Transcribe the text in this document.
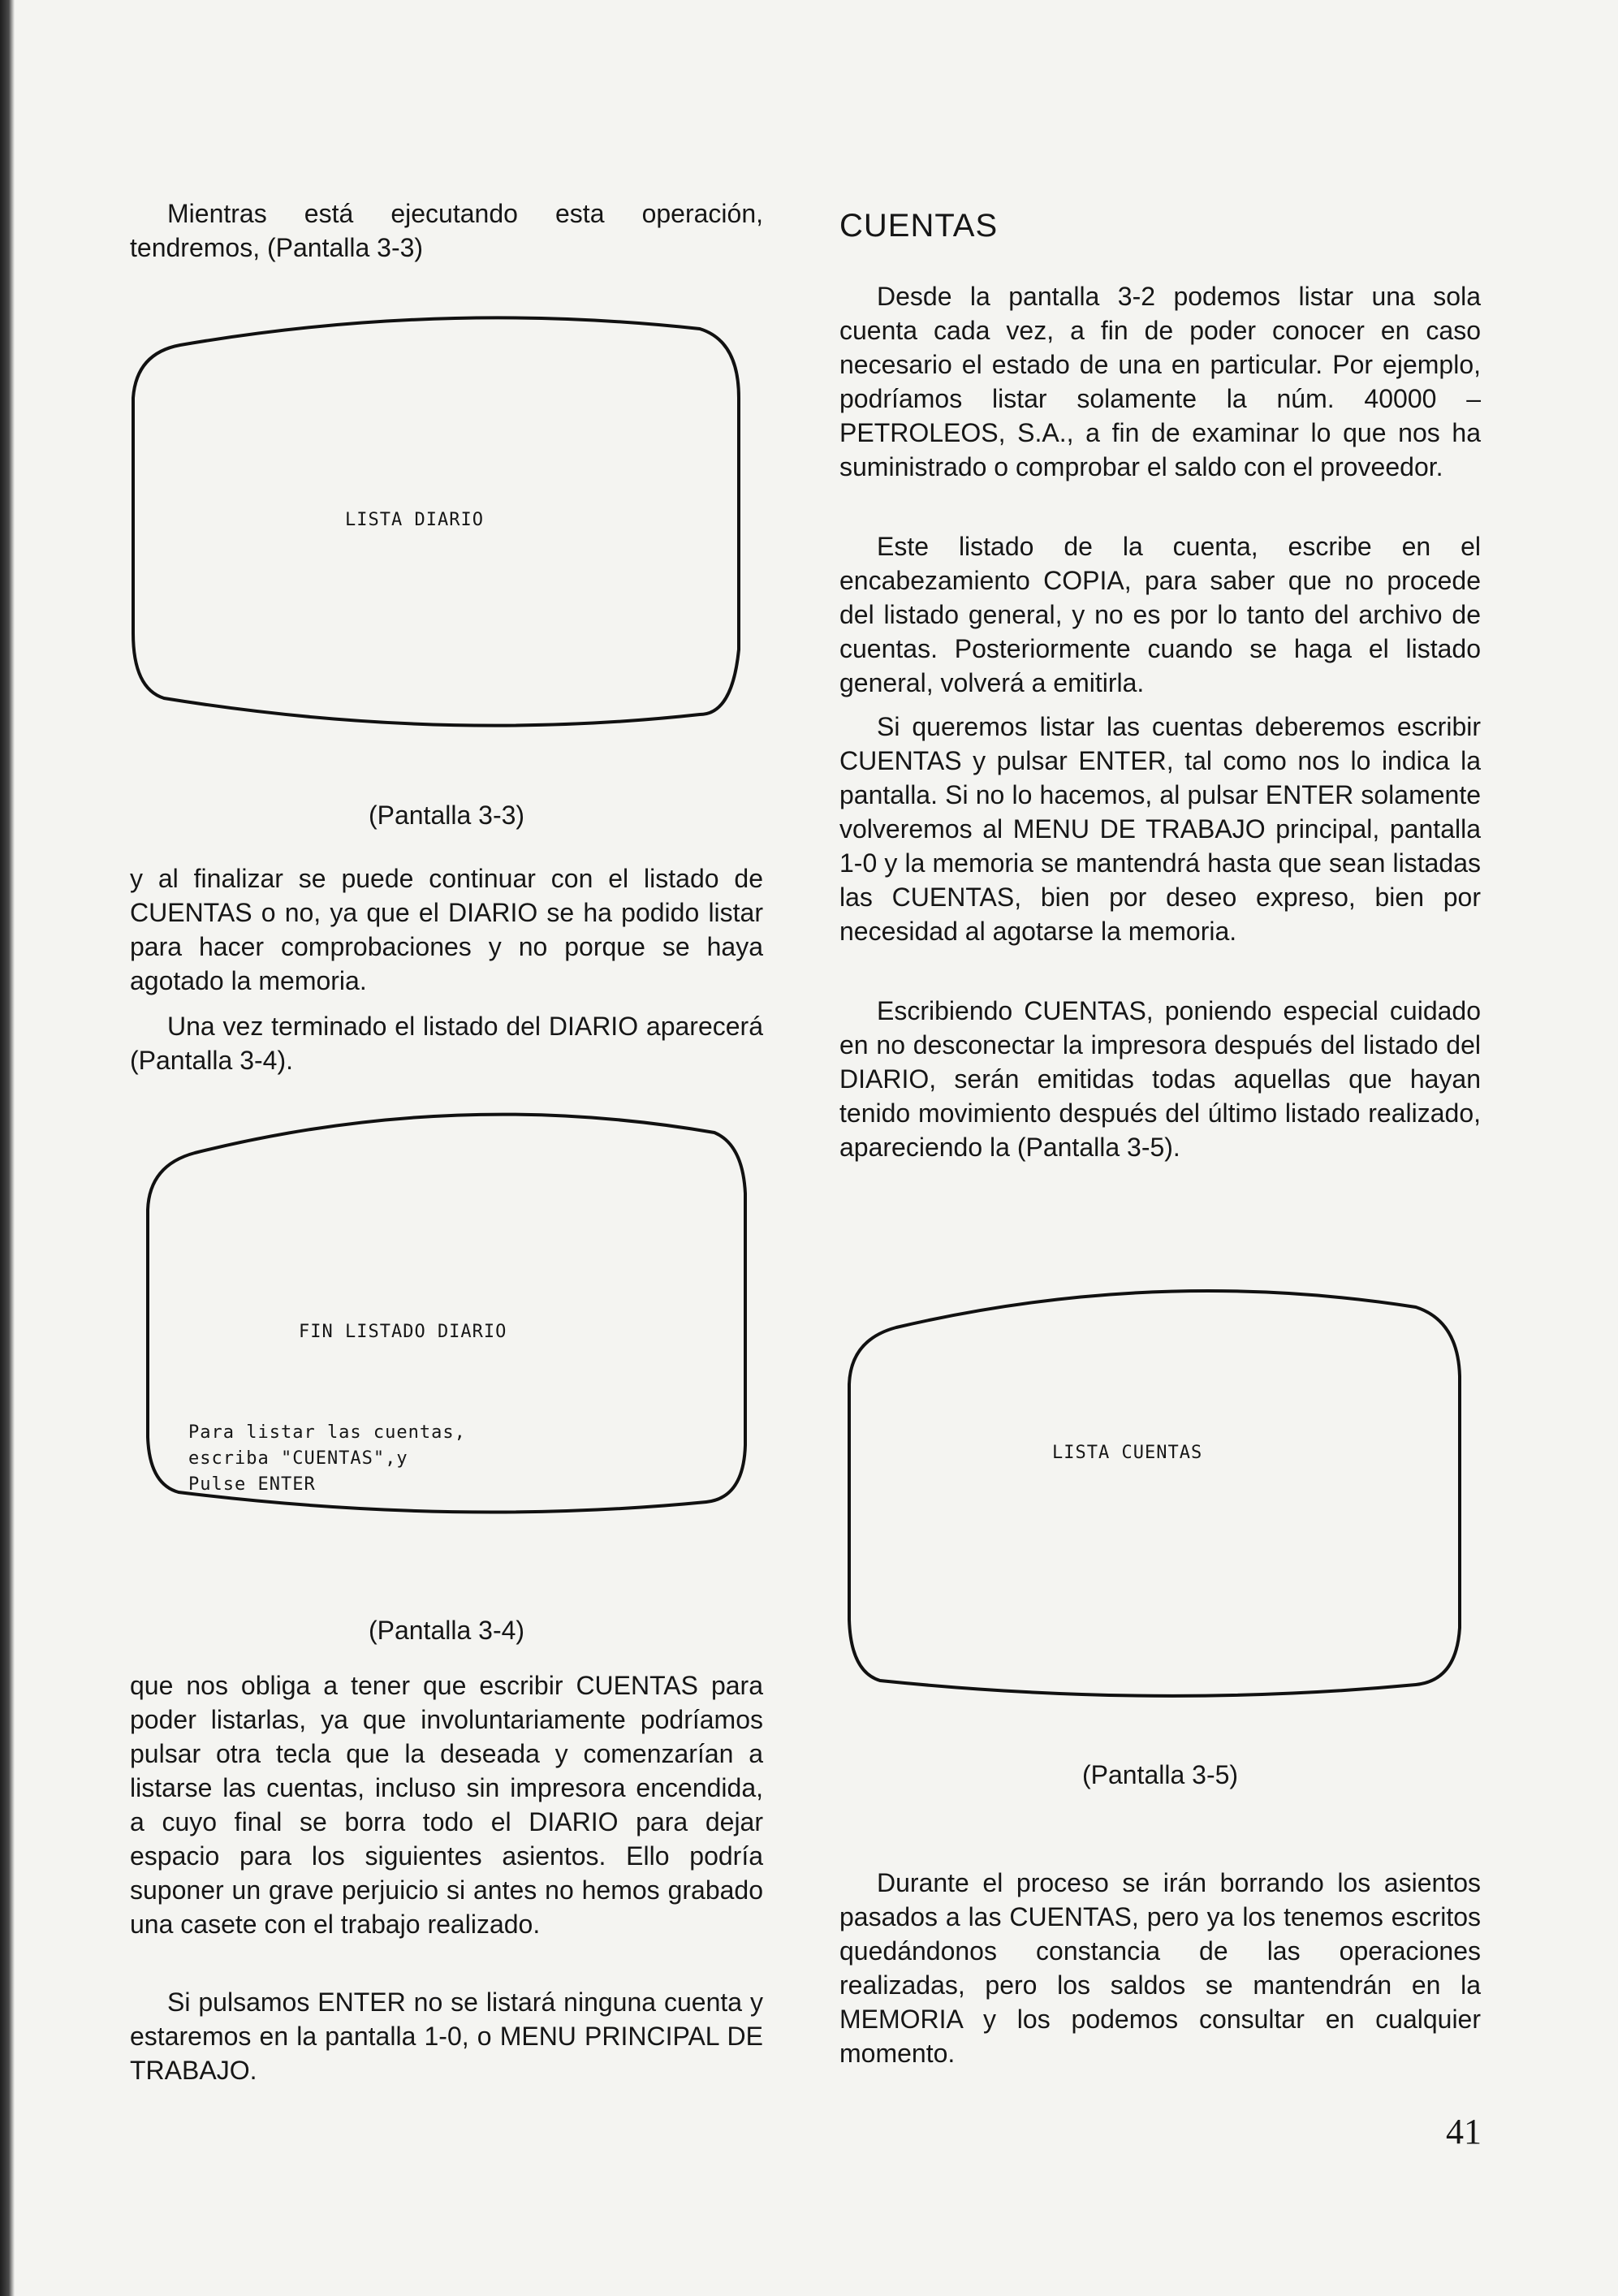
Mientras está ejecutando esta operación, tendremos, (Pantalla 3-3)

LISTA DIARIO

(Pantalla 3-3)

y al finalizar se puede continuar con el listado de CUENTAS o no, ya que el DIARIO se ha podido listar para hacer comprobaciones y no porque se haya agotado la memoria.

Una vez terminado el listado del DIARIO aparecerá (Pantalla 3-4).

FIN LISTADO DIARIO

Para listar las cuentas,

escriba "CUENTAS",y

Pulse ENTER

(Pantalla 3-4)

que nos obliga a tener que escribir CUENTAS para poder listarlas, ya que involuntariamente podríamos pulsar otra tecla que la deseada y comenzarían a listarse las cuentas, incluso sin impresora encendida, a cuyo final se borra todo el DIARIO para dejar espacio para los siguientes asientos. Ello podría suponer un grave perjuicio si antes no hemos grabado una casete con el trabajo realizado.

Si pulsamos ENTER no se listará ninguna cuenta y estaremos en la pantalla 1-0, o MENU PRINCIPAL DE TRABAJO.

CUENTAS

Desde la pantalla 3-2 podemos listar una sola cuenta cada vez, a fin de poder conocer en caso necesario el estado de una en particular. Por ejemplo, podríamos listar solamente la núm. 40000 – PETROLEOS, S.A., a fin de examinar lo que nos ha suministrado o comprobar el saldo con el proveedor.

Este listado de la cuenta, escribe en el encabezamiento COPIA, para saber que no procede del listado general, y no es por lo tanto del archivo de cuentas. Posteriormente cuando se haga el listado general, volverá a emitirla.

Si queremos listar las cuentas deberemos escribir CUENTAS y pulsar ENTER, tal como nos lo indica la pantalla. Si no lo hacemos, al pulsar ENTER solamente volveremos al MENU DE TRABAJO principal, pantalla 1-0 y la memoria se mantendrá hasta que sean listadas las CUENTAS, bien por deseo expreso, bien por necesidad al agotarse la memoria.

Escribiendo CUENTAS, poniendo especial cuidado en no desconectar la impresora después del listado del DIARIO, serán emitidas todas aquellas que hayan tenido movimiento después del último listado realizado, apareciendo la (Pantalla 3-5).

LISTA CUENTAS

(Pantalla 3-5)

Durante el proceso se irán borrando los asientos pasados a las CUENTAS, pero ya los tenemos escritos quedándonos constancia de las operaciones realizadas, pero los saldos se mantendrán en la MEMORIA y los podemos consultar en cualquier momento.

41
